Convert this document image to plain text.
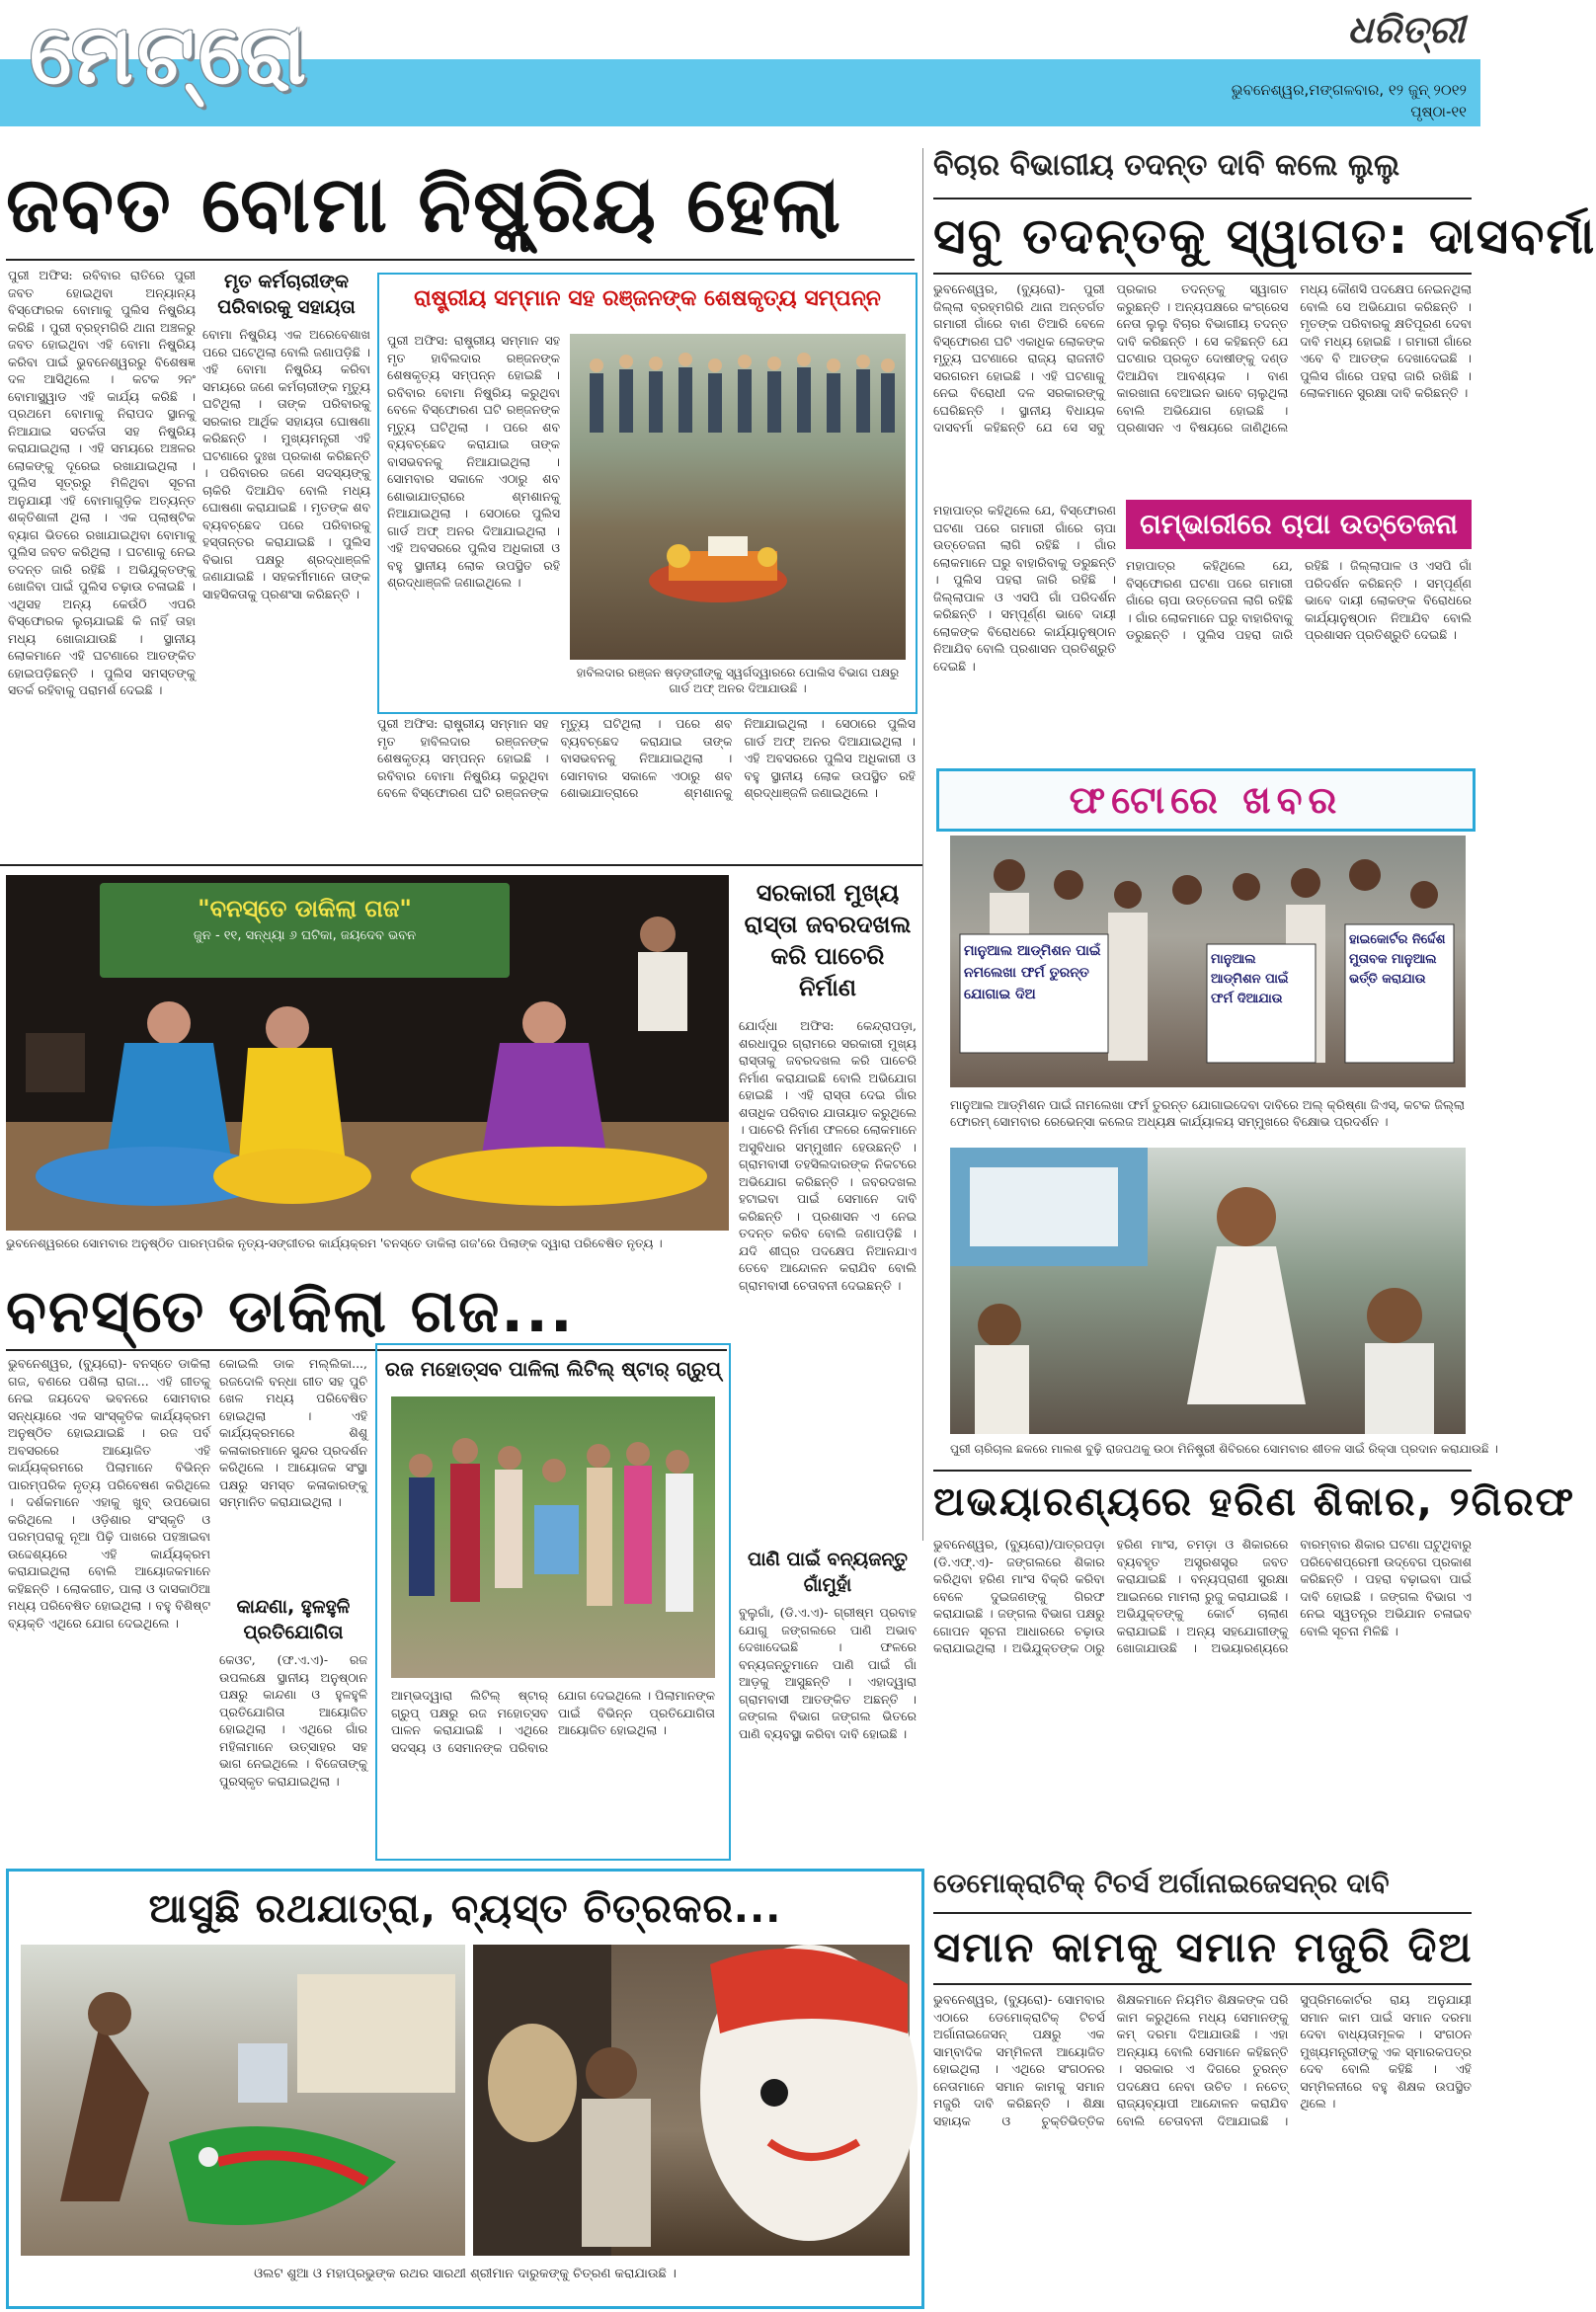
ମେଟ୍ରୋ	ଧରିତ୍ରୀ
ଭୁବନେଶ୍ୱର,ମଙ୍ଗଳବାର, ୧୨ ଜୁନ୍ ୨୦୧୨
ପୃଷ୍ଠା-୧୧
ଜବତ ବୋମା ନିଷ୍କ୍ରିୟ ହେଲା
ପୁରୀ ଅଫିସ: ରବିବାର ରାତିରେ ପୁରୀ ଜବତ ହୋଇଥିବା ଅନ୍ୟାନ୍ୟ ବିସ୍ଫୋରକ ବୋମାକୁ ପୁଲିସ ନିଷ୍କ୍ରିୟ କରିଛି । ପୁରୀ ବ୍ରହ୍ମଗିରି ଥାନା ଅଞ୍ଚଳରୁ ଜବତ ହୋଇଥିବା ଏହି ବୋମା ନିଷ୍କ୍ରିୟ କରିବା ପାଇଁ ଭୁବନେଶ୍ୱରରୁ ବିଶେଷଜ୍ଞ ଦଳ ଆସିଥିଲେ । କଟକ ୨ନଂ ବୋମାସ୍କ୍ୱାଡ ଏହି କାର୍ଯ୍ୟ କରିଛି । ପ୍ରଥମେ ବୋମାକୁ ନିରାପଦ ସ୍ଥାନକୁ ନିଆଯାଇ ସତର୍କତା ସହ ନିଷ୍କ୍ରିୟ କରାଯାଇଥିଲା । ଏହି ସମୟରେ ଅଞ୍ଚଳର ଲୋକଙ୍କୁ ଦୂରେଇ ରଖାଯାଇଥିଲା । ପୁଲିସ ସୂତ୍ରରୁ ମିଳିଥିବା ସୂଚନା ଅନୁଯାୟୀ ଏହି ବୋମାଗୁଡ଼ିକ ଅତ୍ୟନ୍ତ ଶକ୍ତିଶାଳୀ ଥିଲା । ଏକ ପ୍ଲାଷ୍ଟିକ ବ୍ୟାଗ ଭିତରେ ରଖାଯାଇଥିବା ବୋମାକୁ ପୁଲିସ ଜବତ କରିଥିଲା । ଘଟଣାକୁ ନେଇ ତଦନ୍ତ ଜାରି ରହିଛି । ଅଭିଯୁକ୍ତଙ୍କୁ ଖୋଜିବା ପାଇଁ ପୁଲିସ ଚଢ଼ାଉ ଚଳାଇଛି । ଏଥିସହ ଅନ୍ୟ କେଉଁଠି ଏପରି ବିସ୍ଫୋରକ ଲୁଚାଯାଇଛି କି ନାହିଁ ତାହା ମଧ୍ୟ ଖୋଜାଯାଉଛି । ସ୍ଥାନୀୟ ଲୋକମାନେ ଏହି ଘଟଣାରେ ଆତଙ୍କିତ ହୋଇପଡ଼ିଛନ୍ତି । ପୁଲିସ ସମସ୍ତଙ୍କୁ ସତର୍କ ରହିବାକୁ ପରାମର୍ଶ ଦେଇଛି ।
ମୃତ କର୍ମଚାରୀଙ୍କ ପରିବାରକୁ ସହାୟତା
ବୋମା ନିଷ୍କ୍ରିୟ ଏକ ଅରେବେଶାଖ ପରେ ଘଟେଥିଲା ବୋଲି ଜଣାପଡ଼ିଛି । ଏହି ବୋମା ନିଷ୍କ୍ରିୟ କରିବା ସମୟରେ ଜଣେ କର୍ମଚାରୀଙ୍କ ମୃତ୍ୟୁ ଘଟିଥିଲା । ତାଙ୍କ ପରିବାରକୁ ସରକାର ଆର୍ଥିକ ସହାୟତା ଘୋଷଣା କରିଛନ୍ତି । ମୁଖ୍ୟମନ୍ତ୍ରୀ ଏହି ଘଟଣାରେ ଦୁଃଖ ପ୍ରକାଶ କରିଛନ୍ତି । ପରିବାରର ଜଣେ ସଦସ୍ୟଙ୍କୁ ଚାକିରି ଦିଆଯିବ ବୋଲି ମଧ୍ୟ ଘୋଷଣା କରାଯାଇଛି । ମୃତଙ୍କ ଶବ ବ୍ୟବଚ୍ଛେଦ ପରେ ପରିବାରକୁ ହସ୍ତାନ୍ତର କରାଯାଇଛି । ପୁଲିସ ବିଭାଗ ପକ୍ଷରୁ ଶ୍ରଦ୍ଧାଞ୍ଜଳି ଜଣାଯାଇଛି । ସହକର୍ମୀମାନେ ତାଙ୍କ ସାହସିକତାକୁ ପ୍ରଶଂସା କରିଛନ୍ତି ।
ରାଷ୍ଟ୍ରୀୟ ସମ୍ମାନ ସହ ରଞ୍ଜନଙ୍କ ଶେଷକୃତ୍ୟ ସମ୍ପନ୍ନ
ପୁରୀ ଅଫିସ: ରାଷ୍ଟ୍ରୀୟ ସମ୍ମାନ ସହ ମୃତ ହାବିଲଦାର ରଞ୍ଜନଙ୍କ ଶେଷକୃତ୍ୟ ସମ୍ପନ୍ନ ହୋଇଛି । ରବିବାର ବୋମା ନିଷ୍କ୍ରିୟ କରୁଥିବା ବେଳେ ବିସ୍ଫୋରଣ ଘଟି ରଞ୍ଜନଙ୍କ ମୃତ୍ୟୁ ଘଟିଥିଲା । ପରେ ଶବ ବ୍ୟବଚ୍ଛେଦ କରାଯାଇ ତାଙ୍କ ବାସଭବନକୁ ନିଆଯାଇଥିଲା । ସୋମବାର ସକାଳେ ଏଠାରୁ ଶବ ଶୋଭାଯାତ୍ରାରେ ଶ୍ମଶାନକୁ ନିଆଯାଇଥିଲା । ସେଠାରେ ପୁଲିସ ଗାର୍ଡ ଅଫ୍ ଅନର ଦିଆଯାଇଥିଲା । ଏହି ଅବସରରେ ପୁଲିସ ଅଧିକାରୀ ଓ ବହୁ ସ୍ଥାନୀୟ ଲୋକ ଉପସ୍ଥିତ ରହି ଶ୍ରଦ୍ଧାଞ୍ଜଳି ଜଣାଇଥିଲେ ।
ହାବିଲଦାର ରଞ୍ଜନ ଷଡ଼ଙ୍ଗୀଙ୍କୁ ସ୍ୱର୍ଗଦ୍ୱାରରେ ପୋଲିସ ବିଭାଗ ପକ୍ଷରୁ ଗାର୍ଡ ଅଫ୍ ଅନର ଦିଆଯାଉଛି ।
ପୁରୀ ଅଫିସ: ରାଷ୍ଟ୍ରୀୟ ସମ୍ମାନ ସହ ମୃତ ହାବିଲଦାର ରଞ୍ଜନଙ୍କ ଶେଷକୃତ୍ୟ ସମ୍ପନ୍ନ ହୋଇଛି । ରବିବାର ବୋମା ନିଷ୍କ୍ରିୟ କରୁଥିବା ବେଳେ ବିସ୍ଫୋରଣ ଘଟି ରଞ୍ଜନଙ୍କ ମୃତ୍ୟୁ ଘଟିଥିଲା । ପରେ ଶବ ବ୍ୟବଚ୍ଛେଦ କରାଯାଇ ତାଙ୍କ ବାସଭବନକୁ ନିଆଯାଇଥିଲା । ସୋମବାର ସକାଳେ ଏଠାରୁ ଶବ ଶୋଭାଯାତ୍ରାରେ ଶ୍ମଶାନକୁ ନିଆଯାଇଥିଲା । ସେଠାରେ ପୁଲିସ ଗାର୍ଡ ଅଫ୍ ଅନର ଦିଆଯାଇଥିଲା । ଏହି ଅବସରରେ ପୁଲିସ ଅଧିକାରୀ ଓ ବହୁ ସ୍ଥାନୀୟ ଲୋକ ଉପସ୍ଥିତ ରହି ଶ୍ରଦ୍ଧାଞ୍ଜଳି ଜଣାଇଥିଲେ ।
ବିଚାର ବିଭାଗୀୟ ତଦନ୍ତ ଦାବି କଲେ ଲୁଲୁ
ସବୁ ତଦନ୍ତକୁ ସ୍ୱାଗତ: ଦାସବର୍ମା
ଭୁବନେଶ୍ୱର, (ବ୍ୟୁରୋ)- ପୁରୀ ଜିଲ୍ଲା ବ୍ରହ୍ମଗିରି ଥାନା ଅନ୍ତର୍ଗତ ଗମାରୀ ଗାଁରେ ବାଣ ତିଆରି ବେଳେ ବିସ୍ଫୋରଣ ଘଟି ଏକାଧିକ ଲୋକଙ୍କ ମୃତ୍ୟୁ ଘଟଣାରେ ରାଜ୍ୟ ରାଜନୀତି ସରଗରମ ହୋଇଛି । ଏହି ଘଟଣାକୁ ନେଇ ବିରୋଧୀ ଦଳ ସରକାରଙ୍କୁ ଘେରିଛନ୍ତି । ସ୍ଥାନୀୟ ବିଧାୟକ ଦାସବର୍ମା କହିଛନ୍ତି ଯେ ସେ ସବୁ ପ୍ରକାର ତଦନ୍ତକୁ ସ୍ୱାଗତ କରୁଛନ୍ତି । ଅନ୍ୟପକ୍ଷରେ କଂଗ୍ରେସ ନେତା ଲୁଲୁ ବିଚାର ବିଭାଗୀୟ ତଦନ୍ତ ଦାବି କରିଛନ୍ତି । ସେ କହିଛନ୍ତି ଯେ ଘଟଣାର ପ୍ରକୃତ ଦୋଷୀଙ୍କୁ ଦଣ୍ଡ ଦିଆଯିବା ଆବଶ୍ୟକ । ବାଣ କାରଖାନା ବେଆଇନ ଭାବେ ଚାଲୁଥିଲା ବୋଲି ଅଭିଯୋଗ ହୋଇଛି । ପ୍ରଶାସନ ଏ ବିଷୟରେ ଜାଣିଥିଲେ ମଧ୍ୟ କୌଣସି ପଦକ୍ଷେପ ନେଇନଥିଲା ବୋଲି ସେ ଅଭିଯୋଗ କରିଛନ୍ତି । ମୃତଙ୍କ ପରିବାରକୁ କ୍ଷତିପୂରଣ ଦେବା ଦାବି ମଧ୍ୟ ହୋଇଛି । ଗମାରୀ ଗାଁରେ ଏବେ ବି ଆତଙ୍କ ଦେଖାଦେଇଛି । ପୁଲିସ ଗାଁରେ ପହରା ଜାରି ରଖିଛି । ଲୋକମାନେ ସୁରକ୍ଷା ଦାବି କରିଛନ୍ତି ।
ଗମ୍ଭାରୀରେ ଚାପା ଉତ୍ତେଜନା
ମହାପାତ୍ର କହିଥିଲେ ଯେ, ବିସ୍ଫୋରଣ ଘଟଣା ପରେ ଗମାରୀ ଗାଁରେ ଚାପା ଉତ୍ତେଜନା ଲାଗି ରହିଛି । ଗାଁର ଲୋକମାନେ ଘରୁ ବାହାରିବାକୁ ଡରୁଛନ୍ତି । ପୁଲିସ ପହରା ଜାରି ରହିଛି । ଜିଲ୍ଲାପାଳ ଓ ଏସପି ଗାଁ ପରିଦର୍ଶନ କରିଛନ୍ତି । ସମ୍ପୂର୍ଣ୍ଣ ଭାବେ ଦାୟୀ ଲୋକଙ୍କ ବିରୋଧରେ କାର୍ଯ୍ୟାନୁଷ୍ଠାନ ନିଆଯିବ ବୋଲି ପ୍ରଶାସନ ପ୍ରତିଶ୍ରୁତି ଦେଇଛି ।
ମହାପାତ୍ର କହିଥିଲେ ଯେ, ବିସ୍ଫୋରଣ ଘଟଣା ପରେ ଗମାରୀ ଗାଁରେ ଚାପା ଉତ୍ତେଜନା ଲାଗି ରହିଛି । ଗାଁର ଲୋକମାନେ ଘରୁ ବାହାରିବାକୁ ଡରୁଛନ୍ତି । ପୁଲିସ ପହରା ଜାରି ରହିଛି । ଜିଲ୍ଲାପାଳ ଓ ଏସପି ଗାଁ ପରିଦର୍ଶନ କରିଛନ୍ତି । ସମ୍ପୂର୍ଣ୍ଣ ଭାବେ ଦାୟୀ ଲୋକଙ୍କ ବିରୋଧରେ କାର୍ଯ୍ୟାନୁଷ୍ଠାନ ନିଆଯିବ ବୋଲି ପ୍ରଶାସନ ପ୍ରତିଶ୍ରୁତି ଦେଇଛି ।
ଫଟୋରେ ଖବର
ମାନୁଆଲ ଆଡ୍‌ମିଶନ ପାଇଁ ନମଲେଖା ଫର୍ମ ତୁରନ୍ତ ଯୋଗାଇ ଦିଅ
ମାନୁଆଲ ଆଡ୍‌ମିଶନ ପାଇଁ ଫର୍ମ ଦିଆଯାଉ
ହାଇକୋର୍ଟର ନିର୍ଦ୍ଦେଶ ମୁତାବକ ମାନୁଆଲ ଭର୍ତ୍ତି କରାଯାଉ
ମାନୁଆଲ ଆଡ୍‌ମିଶନ ପାଇଁ ନାମଲେଖା ଫର୍ମ ତୁରନ୍ତ ଯୋଗାଇଦେବା ଦାବିରେ ଅଲ୍ କ୍ରିଷ୍ଣା ଜିଏସ୍, କଟକ ଜିଲ୍ଲା ଫୋରମ୍ ସୋମବାର ରେଭେନ୍ସା କଲେଜ ଅଧ୍ୟକ୍ଷ କାର୍ଯ୍ୟାଳୟ ସମ୍ମୁଖରେ ବିକ୍ଷୋଭ ପ୍ରଦର୍ଶନ ।
ପୁରୀ ଚାରିଚାଲ ଛକରେ ମାଲଶ ବୁଢ଼ି ରାଜପଥକୁ ଉଠା ମିନିଷ୍ଟ୍ରୀ ଶିବିରରେ ସୋମବାର ଶୀତଳ ସାଇଁ ରିକ୍ସା ପ୍ରଦାନ କରାଯାଉଛି ।
"ବନସ୍ତେ ଡାକିଲା ଗଜ"
ଜୁନ - ୧୧, ସନ୍ଧ୍ୟା ୬ ଘଟିକା, ଜୟଦେବ ଭବନ
ଭୁବନେଶ୍ୱରରେ ସୋମବାର ଅନୁଷ୍ଠିତ ପାରମ୍ପରିକ ନୃତ୍ୟ-ସଙ୍ଗୀତର କାର୍ଯ୍ୟକ୍ରମ 'ବନସ୍ତେ ଡାକିଲା ଗଜ'ରେ ପିଲାଙ୍କ ଦ୍ୱାରା ପରିବେଷିତ ନୃତ୍ୟ ।
ସରକାରୀ ମୁଖ୍ୟ ରାସ୍ତା ଜବରଦଖଲ କରି ପାଚେରି ନିର୍ମାଣ
ଯୋର୍ଦ୍ଧା ଅଫିସ: କେନ୍ଦ୍ରାପଡ଼ା, ଶରଧାପୁର ଗ୍ରାମରେ ସରକାରୀ ମୁଖ୍ୟ ରାସ୍ତାକୁ ଜବରଦଖଲ କରି ପାଚେରି ନିର୍ମାଣ କରାଯାଇଛି ବୋଲି ଅଭିଯୋଗ ହୋଇଛି । ଏହି ରାସ୍ତା ଦେଇ ଗାଁର ଶତାଧିକ ପରିବାର ଯାତାୟାତ କରୁଥିଲେ । ପାଚେରି ନିର୍ମାଣ ଫଳରେ ଲୋକମାନେ ଅସୁବିଧାର ସମ୍ମୁଖୀନ ହେଉଛନ୍ତି । ଗ୍ରାମବାସୀ ତହସିଲଦାରଙ୍କ ନିକଟରେ ଅଭିଯୋଗ କରିଛନ୍ତି । ଜବରଦଖଲ ହଟାଇବା ପାଇଁ ସେମାନେ ଦାବି କରିଛନ୍ତି । ପ୍ରଶାସନ ଏ ନେଇ ତଦନ୍ତ କରିବ ବୋଲି ଜଣାପଡ଼ିଛି । ଯଦି ଶୀଘ୍ର ପଦକ୍ଷେପ ନିଆନଯାଏ ତେବେ ଆନ୍ଦୋଳନ କରାଯିବ ବୋଲି ଗ୍ରାମବାସୀ ଚେତାବନୀ ଦେଇଛନ୍ତି ।
ବନସ୍ତେ ଡାକିଲା ଗଜ...
ଭୁବନେଶ୍ୱର, (ବ୍ୟୁରୋ)- ବନସ୍ତେ ଡାକିଲା ଗଜ, ବଣରେ ପଶିଲା ରାଜା... ଏହି ଗୀତକୁ ନେଇ ଜୟଦେବ ଭବନରେ ସୋମବାର ସନ୍ଧ୍ୟାରେ ଏକ ସାଂସ୍କୃତିକ କାର୍ଯ୍ୟକ୍ରମ ଅନୁଷ୍ଠିତ ହୋଇଯାଇଛି । ରଜ ପର୍ବ ଅବସରରେ ଆୟୋଜିତ ଏହି କାର୍ଯ୍ୟକ୍ରମରେ ପିଲାମାନେ ବିଭିନ୍ନ ପାରମ୍ପରିକ ନୃତ୍ୟ ପରିବେଷଣ କରିଥିଲେ । ଦର୍ଶକମାନେ ଏହାକୁ ଖୁବ୍ ଉପଭୋଗ କରିଥିଲେ । ଓଡ଼ିଶାର ସଂସ୍କୃତି ଓ ପରମ୍ପରାକୁ ନୂଆ ପିଢ଼ି ପାଖରେ ପହଞ୍ଚାଇବା ଉଦ୍ଦେଶ୍ୟରେ ଏହି କାର୍ଯ୍ୟକ୍ରମ କରାଯାଇଥିଲା ବୋଲି ଆୟୋଜକମାନେ କହିଛନ୍ତି । ଲୋକଗୀତ, ପାଲା ଓ ଦାସକାଠିଆ ମଧ୍ୟ ପରିବେଷିତ ହୋଇଥିଲା । ବହୁ ବିଶିଷ୍ଟ ବ୍ୟକ୍ତି ଏଥିରେ ଯୋଗ ଦେଇଥିଲେ ।
କୋଇଲି ଡାକ ମଲ୍ଲିକା..., ରଜଦୋଳି ବନ୍ଧା ଗୀତ ସହ ପୁଚି ଖେଳ ମଧ୍ୟ ପରିବେଷିତ ହୋଇଥିଲା । ଏହି କାର୍ଯ୍ୟକ୍ରମରେ ଶିଶୁ କଳାକାରମାନେ ସୁନ୍ଦର ପ୍ରଦର୍ଶନ କରିଥିଲେ । ଆୟୋଜକ ସଂସ୍ଥା ପକ୍ଷରୁ ସମସ୍ତ କଳାକାରଙ୍କୁ ସମ୍ମାନିତ କରାଯାଇଥିଲା ।
କାନ୍ଦଣା, ହୁଳହୁଳି ପ୍ରତିଯୋଗିତା
କେଓଟ, (ଫ.ଏ.ଏ)- ରଜ ଉପଲକ୍ଷେ ସ୍ଥାନୀୟ ଅନୁଷ୍ଠାନ ପକ୍ଷରୁ କାନ୍ଦଣା ଓ ହୁଳହୁଳି ପ୍ରତିଯୋଗିତା ଆୟୋଜିତ ହୋଇଥିଲା । ଏଥିରେ ଗାଁର ମହିଳାମାନେ ଉତ୍ସାହର ସହ ଭାଗ ନେଇଥିଲେ । ବିଜେତାଙ୍କୁ ପୁରସ୍କୃତ କରାଯାଇଥିଲା ।
ରଜ ମହୋତ୍ସବ ପାଳିଲା ଲିଟିଲ୍ ଷ୍ଟାର୍ ଗ୍ରୁପ୍
ଆମ୍ଭଦ୍ୱାରା ଲିଟିଲ୍ ଷ୍ଟାର୍ ଗ୍ରୁପ୍ ପକ୍ଷରୁ ରଜ ମହୋତ୍ସବ ପାଳନ କରାଯାଇଛି । ଏଥିରେ ସଦସ୍ୟ ଓ ସେମାନଙ୍କ ପରିବାର ଯୋଗ ଦେଇଥିଲେ । ପିଲାମାନଙ୍କ ପାଇଁ ବିଭିନ୍ନ ପ୍ରତିଯୋଗିତା ଆୟୋଜିତ ହୋଇଥିଲା ।
ପାଣି ପାଇଁ ବନ୍ୟଜନ୍ତୁ ଗାଁମୁହାଁ
ବୁଲୁଗାଁ, (ଡି.ଏ.ଏ)- ଗ୍ରୀଷ୍ମ ପ୍ରବାହ ଯୋଗୁ ଜଙ୍ଗଲରେ ପାଣି ଅଭାବ ଦେଖାଦେଇଛି । ଫଳରେ ବନ୍ୟଜନ୍ତୁମାନେ ପାଣି ପାଇଁ ଗାଁ ଆଡ଼କୁ ଆସୁଛନ୍ତି । ଏହାଦ୍ୱାରା ଗ୍ରାମବାସୀ ଆତଙ୍କିତ ଅଛନ୍ତି । ଜଙ୍ଗଲ ବିଭାଗ ଜଙ୍ଗଲ ଭିତରେ ପାଣି ବ୍ୟବସ୍ଥା କରିବା ଦାବି ହୋଇଛି ।
ଅଭୟାରଣ୍ୟରେ ହରିଣ ଶିକାର, ୨ଗିରଫ
ଭୁବନେଶ୍ୱର, (ବ୍ୟୁରୋ)/ପାତ୍ରପଡ଼ା (ଡି.ଏଫ୍.ଏ)- ଜଙ୍ଗଲରେ ଶିକାର କରିଥିବା ହରିଣ ମାଂସ ବିକ୍ରି କରିବା ବେଳେ ଦୁଇଜଣଙ୍କୁ ଗିରଫ କରାଯାଇଛି । ଜଙ୍ଗଲ ବିଭାଗ ପକ୍ଷରୁ ଗୋପନ ସୂଚନା ଆଧାରରେ ଚଢ଼ାଉ କରାଯାଇଥିଲା । ଅଭିଯୁକ୍ତଙ୍କ ଠାରୁ ହରିଣ ମାଂସ, ଚମଡ଼ା ଓ ଶିକାରରେ ବ୍ୟବହୃତ ଅସ୍ତ୍ରଶସ୍ତ୍ର ଜବତ କରାଯାଇଛି । ବନ୍ୟପ୍ରାଣୀ ସୁରକ୍ଷା ଆଇନରେ ମାମଲା ରୁଜୁ କରାଯାଇଛି । ଅଭିଯୁକ୍ତଙ୍କୁ କୋର୍ଟ ଚାଲାଣ କରାଯାଇଛି । ଅନ୍ୟ ସହଯୋଗୀଙ୍କୁ ଖୋଜାଯାଉଛି । ଅଭୟାରଣ୍ୟରେ ବାରମ୍ବାର ଶିକାର ଘଟଣା ଘଟୁଥିବାରୁ ପରିବେଶପ୍ରେମୀ ଉଦ୍‌ବେଗ ପ୍ରକାଶ କରିଛନ୍ତି । ପହରା ବଢ଼ାଇବା ପାଇଁ ଦାବି ହୋଇଛି । ଜଙ୍ଗଲ ବିଭାଗ ଏ ନେଇ ସ୍ୱତନ୍ତ୍ର ଅଭିଯାନ ଚଳାଇବ ବୋଲି ସୂଚନା ମିଳିଛି ।
ଆସୁଛି ରଥଯାତ୍ରା, ବ୍ୟସ୍ତ ଚିତ୍ରକର...
ଓଲଟ ଶୁଆ ଓ ମହାପ୍ରଭୁଙ୍କ ରଥର ସାରଥୀ ଶ୍ରୀମାନ ଦାରୁକଙ୍କୁ ଚିତ୍ରଣ କରାଯାଉଛି ।
ଡେମୋକ୍ରାଟିକ୍ ଟିଚର୍ସ ଅର୍ଗାନାଇଜେସନ୍‌ର ଦାବି
ସମାନ କାମକୁ ସମାନ ମଜୁରି ଦିଅ
ଭୁବନେଶ୍ୱର, (ବ୍ୟୁରୋ)- ସୋମବାର ଏଠାରେ ଡେମୋକ୍ରାଟିକ୍ ଟିଚର୍ସ ଅର୍ଗାନାଇଜେସନ୍ ପକ୍ଷରୁ ଏକ ସାମ୍ବାଦିକ ସମ୍ମିଳନୀ ଆୟୋଜିତ ହୋଇଥିଲା । ଏଥିରେ ସଂଗଠନର ନେତାମାନେ ସମାନ କାମକୁ ସମାନ ମଜୁରି ଦାବି କରିଛନ୍ତି । ଶିକ୍ଷା ସହାୟକ ଓ ଚୁକ୍ତିଭିତ୍ତିକ ଶିକ୍ଷକମାନେ ନିୟମିତ ଶିକ୍ଷକଙ୍କ ପରି କାମ କରୁଥିଲେ ମଧ୍ୟ ସେମାନଙ୍କୁ କମ୍ ଦରମା ଦିଆଯାଉଛି । ଏହା ଅନ୍ୟାୟ ବୋଲି ସେମାନେ କହିଛନ୍ତି । ସରକାର ଏ ଦିଗରେ ତୁରନ୍ତ ପଦକ୍ଷେପ ନେବା ଉଚିତ । ନଚେତ୍ ରାଜ୍ୟବ୍ୟାପୀ ଆନ୍ଦୋଳନ କରାଯିବ ବୋଲି ଚେତାବନୀ ଦିଆଯାଇଛି । ସୁପ୍ରିମକୋର୍ଟର ରାୟ ଅନୁଯାୟୀ ସମାନ କାମ ପାଇଁ ସମାନ ଦରମା ଦେବା ବାଧ୍ୟତାମୂଳକ । ସଂଗଠନ ମୁଖ୍ୟମନ୍ତ୍ରୀଙ୍କୁ ଏକ ସ୍ମାରକପତ୍ର ଦେବ ବୋଲି କହିଛି । ଏହି ସମ୍ମିଳନୀରେ ବହୁ ଶିକ୍ଷକ ଉପସ୍ଥିତ ଥିଲେ ।
